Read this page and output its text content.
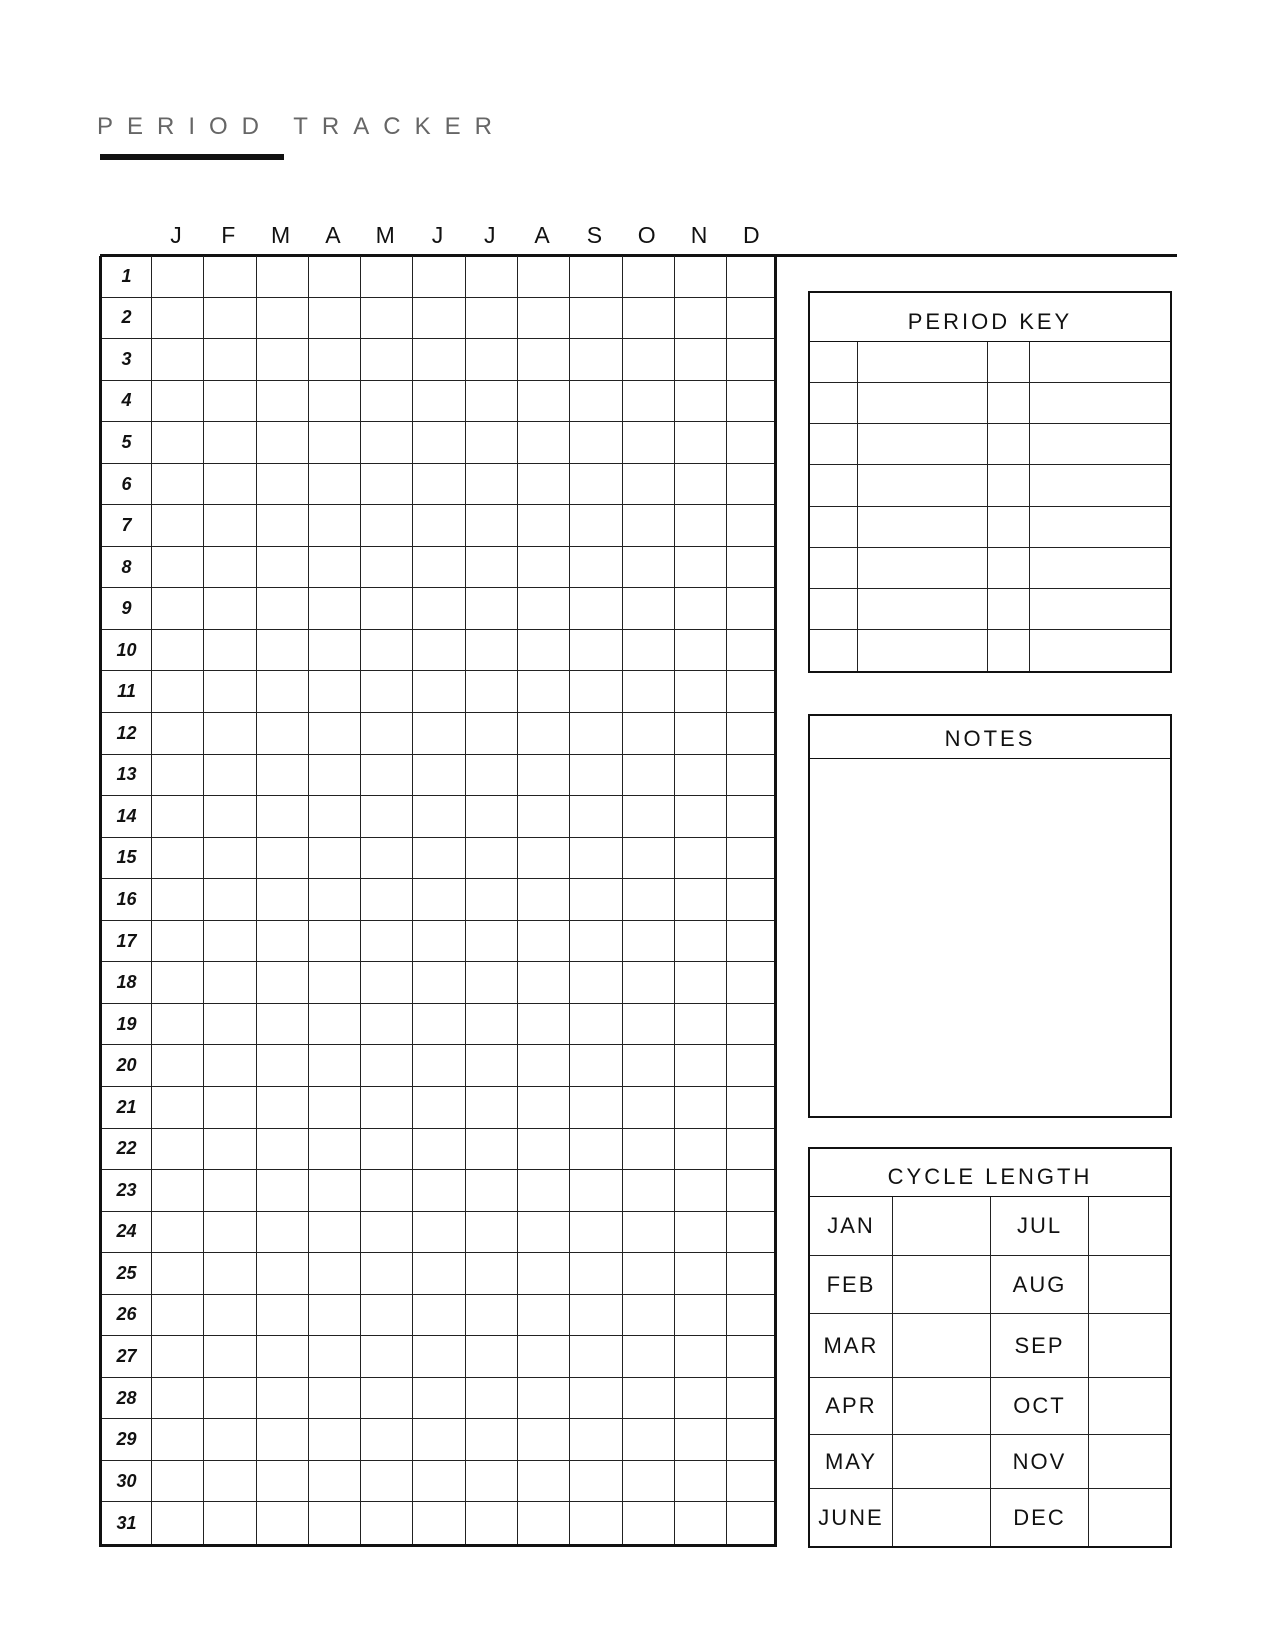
PERIOD TRACKER
J	F	M	A	M	J	J	A	S	O	N	D
1
2
3
4
5
6
7
8
9
10
11
12
13
14
15
16
17
18
19
20
21
22
23
24
25
26
27
28
29
30
31
PERIOD KEY
NOTES
CYCLE LENGTH
JAN	JUL
FEB	AUG
MAR	SEP
APR	OCT
MAY	NOV
JUNE	DEC
